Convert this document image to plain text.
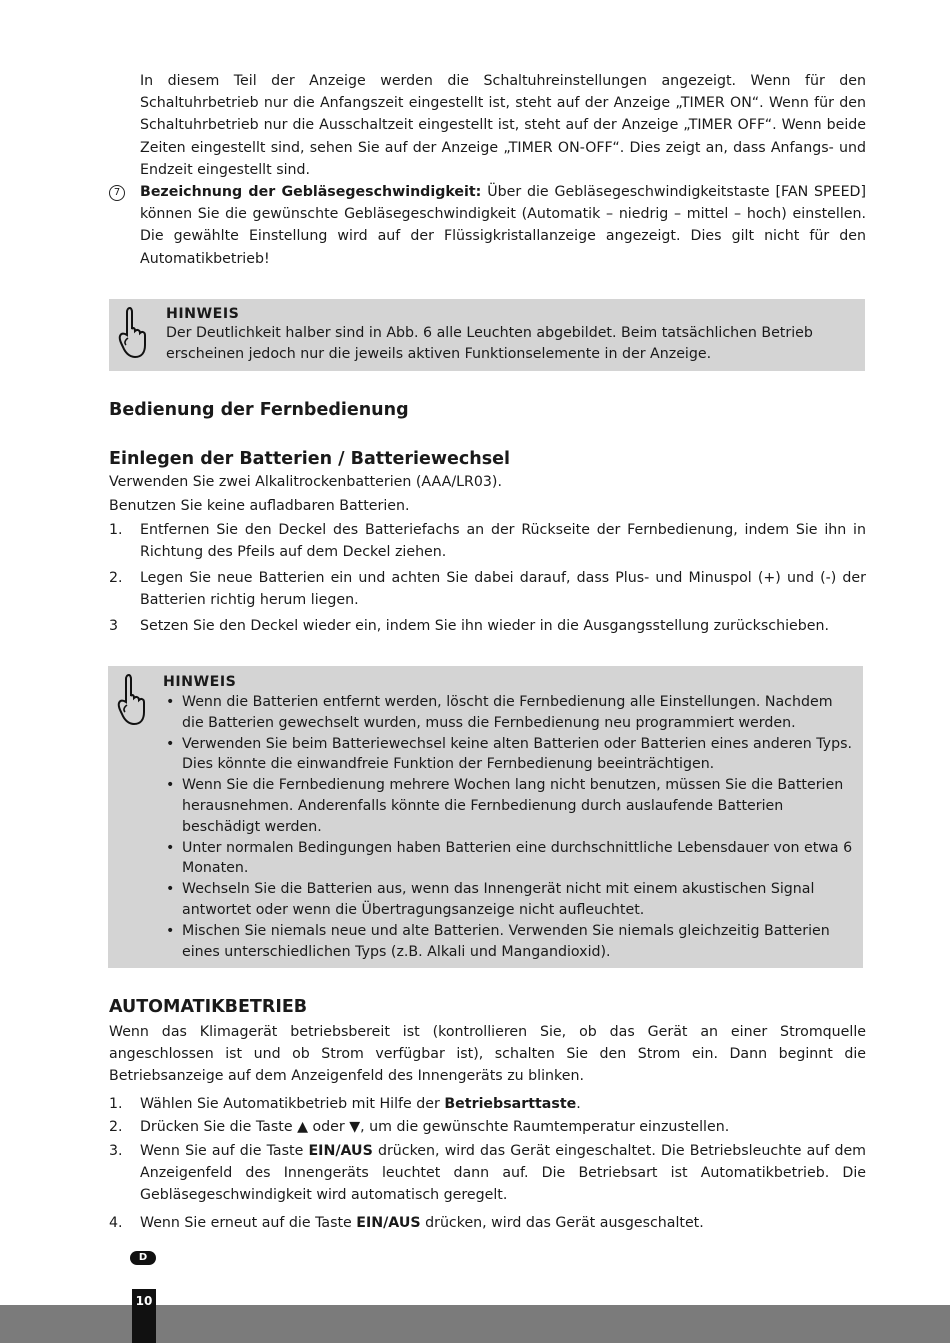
In diesem Teil der Anzeige werden die Schaltuhreinstellungen angezeigt. Wenn für den Schaltuhrbetrieb nur die Anfangszeit eingestellt ist, steht auf der Anzeige „TIMER ON“. Wenn für den Schaltuhrbetrieb nur die Ausschaltzeit eingestellt ist, steht auf der Anzeige „TIMER OFF“. Wenn beide Zeiten eingestellt sind, sehen Sie auf der Anzeige „TIMER ON-OFF“. Dies zeigt an, dass Anfangs- und Endzeit eingestellt sind.

7	Bezeichnung der Gebläsegeschwindigkeit: Über die Gebläsegeschwindigkeitstaste [FAN SPEED] können Sie die gewünschte Gebläsegeschwindigkeit (Automatik – niedrig – mittel – hoch) einstellen. Die gewählte Einstellung wird auf der Flüssigkristallanzeige angezeigt. Dies gilt nicht für den Automatikbetrieb!

HINWEIS
Der Deutlichkeit halber sind in Abb. 6 alle Leuchten abgebildet. Beim tatsächlichen Betrieb erscheinen jedoch nur die jeweils aktiven Funktionselemente in der Anzeige.
Bedienung der Fernbedienung
Einlegen der Batterien / Batteriewechsel

Verwenden Sie zwei Alkalitrockenbatterien (AAA/LR03).

Benutzen Sie keine aufladbaren Batterien.

1. Entfernen Sie den Deckel des Batteriefachs an der Rückseite der Fernbedienung, indem Sie ihn in Richtung des Pfeils auf dem Deckel ziehen.

2. Legen Sie neue Batterien ein und achten Sie dabei darauf, dass Plus- und Minuspol (+) und (-) der Batterien richtig herum liegen.

3 Setzen Sie den Deckel wieder ein, indem Sie ihn wieder in die Ausgangsstellung zurückschieben.

HINWEIS
• Wenn die Batterien entfernt werden, löscht die Fernbedienung alle Einstellungen. Nachdem die Batterien gewechselt wurden, muss die Fernbedienung neu programmiert werden.
• Verwenden Sie beim Batteriewechsel keine alten Batterien oder Batterien eines anderen Typs. Dies könnte die einwandfreie Funktion der Fernbedienung beeinträchtigen.
• Wenn Sie die Fernbedienung mehrere Wochen lang nicht benutzen, müssen Sie die Batterien herausnehmen. Anderenfalls könnte die Fernbedienung durch auslaufende Batterien beschädigt werden.
• Unter normalen Bedingungen haben Batterien eine durchschnittliche Lebensdauer von etwa 6 Monaten.
• Wechseln Sie die Batterien aus, wenn das Innengerät nicht mit einem akustischen Signal antwortet oder wenn die Übertragungsanzeige nicht aufleuchtet.
• Mischen Sie niemals neue und alte Batterien. Verwenden Sie niemals gleichzeitig Batterien eines unterschiedlichen Typs (z.B. Alkali und Mangandioxid).
AUTOMATIKBETRIEB

Wenn das Klimagerät betriebsbereit ist (kontrollieren Sie, ob das Gerät an einer Stromquelle angeschlossen ist und ob Strom verfügbar ist), schalten Sie den Strom ein. Dann beginnt die Betriebsanzeige auf dem Anzeigenfeld des Innengeräts zu blinken.

1. Wählen Sie Automatikbetrieb mit Hilfe der Betriebsarttaste.

2. Drücken Sie die Taste ▲ oder ▼, um die gewünschte Raumtemperatur einzustellen.

3. Wenn Sie auf die Taste EIN/AUS drücken, wird das Gerät eingeschaltet. Die Betriebsleuchte auf dem Anzeigenfeld des Innengeräts leuchtet dann auf. Die Betriebsart ist Automatikbetrieb. Die Gebläsegeschwindigkeit wird automatisch geregelt.

4. Wenn Sie erneut auf die Taste EIN/AUS drücken, wird das Gerät ausgeschaltet.

D
10
